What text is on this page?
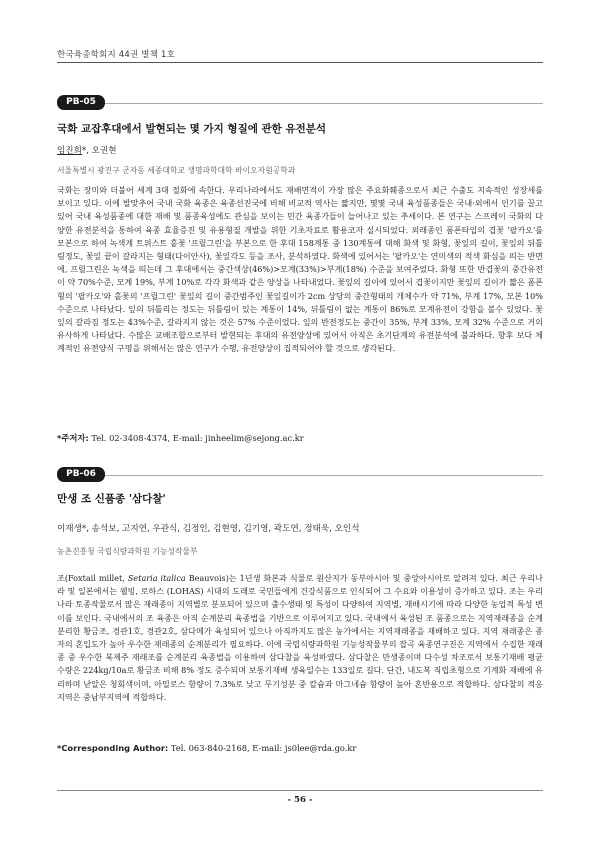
한국육종학회지 44권 별책 1호
PB-05
국화 교잡후대에서 발현되는 몇 가지 형질에 관한 유전분석
임진희*, 오권현
서울특별시 광진구 군자동 세종대학교 생명과학대학 바이오자원공학과

국화는 장미와 더불어 세계 3대 절화에 속한다. 우리나라에서도 재배면적이 가장 많은 주요화훼종으로서 최근 수출도 지속적인 성장세를 보이고 있다. 이에 발맞추어 국내 국화 육종은 육종선진국에 비해 비교적 역사는 짧지만, 몇몇 국내 육성품종들은 국내·외에서 인기를 끌고 있어 국내 육성품종에 대한 재배 및 품종육성에도 관심을 보이는 민간 육종가들이 늘어나고 있는 추세이다. 본 연구는 스프레이 국화의 다양한 유전분석을 통하여 육종 효율증진 및 유용형질 개발을 위한 기초자료로 활용코자 실시되었다. 외래종인 폼폰타입의 겹꽃 '팔카오'를 모본으로 하여 녹색계 트위스트 홑꽃 '프릴그린'을 부본으로 한 후대 158계통 중 130계통에 대해 화색 및 화형, 꽃잎의 길이, 꽃잎의 뒤틀림정도, 꽃잎 끝이 갈라지는 형태(다이안사), 꽃잎각도 등을 조사, 분석하였다. 화색에 있어서는 '팔카오'는 연미색의 적색 화심을 띄는 반면에, 프릴그린은 녹색을 띄는데 그 후대에서는 중간색상(46%)>모계(33%)>부계(18%) 수준을 보여주었다. 화형 또한 반겹꽃의 중간유전이 약 70%수준, 모계 19%, 부계 10%로 각각 화색과 같은 양상을 나타내었다. 꽃잎의 길이에 있어서 겹꽃이지만 꽃잎의 길이가 짧은 폼폰형의 '팔카오'와 홑꽃의 '프릴그린' 꽃잎의 길이 중간범주인 꽃잎길이가 2cm 상당의 중간형태의 개체수가 약 71%, 부계 17%, 모본 10% 수준으로 나타났다. 잎의 뒤틀리는 정도는 뒤틀림이 있는 계통이 14%, 뒤틀림이 없는 계통이 86%로 모계유전이 강함을 볼수 있었다. 꽃잎의 갈라짐 정도는 43%수준, 갈라지지 않는 것은 57% 수준이었다. 잎의 반전정도는 중간이 35%, 부계 33%, 모계 32% 수준으로 거의 유사하게 나타났다. 수많은 교배조합으로부터 발현되는 후대의 유전양상에 있어서 아직은 초기단계의 유전분석에 불과하다. 향후 보다 체계적인 유전양식 구명을 위해서는 많은 연구가 수행, 유전양상이 집적되어야 할 것으로 생각된다.

*주저자: Tel. 02-3408-4374, E-mail: jinheelim@sejong.ac.kr
PB-06
만생 조 신품종 '삼다찰'
이재생*, 송석보, 고지연, 우관식, 김정인, 김현영, 김기영, 곽도연, 정태욱, 오인석
농촌진흥청 국립식량과학원 기능성작물부

조(Foxtail millet, Setaria italica Beauvois)는 1년생 화본과 식물로 원산지가 동부아시아 및 중앙아시아로 알려져 있다. 최근 우리나라 및 일본에서는 웰빙, 로하스 (LOHAS) 시대의 도래로 국민들에게 건강식품으로 인식되어 그 수요와 이용성이 증가하고 있다. 조는 우리나라 토종작물로서 많은 재래종이 지역별로 분포되어 있으며 출수생태 및 특성이 다양하여 지역별, 재배시기에 따라 다양한 농업적 특성 변이를 보인다. 국내에서의 조 육종은 아직 순계분리 육종법을 기반으로 이루어지고 있다. 국내에서 육성된 조 품종으로는 지역재래종을 순계분리한 황금조, 경관1호, 경관2호, 삼다메가 육성되어 있으나 아직까지도 많은 농가에서는 지역재래종을 재배하고 있다. 지역 재래종은 종자의 혼입도가 높아 우수한 재래종의 순계분리가 필요하다. 이에 국립식량과학원 기능성작물부의 잡곡 육종연구진은 지역에서 수집한 재래종 중 우수한 북제주 재래조를 순계분리 육종법을 이용하여 삼다찰을 육성하였다. 삼다찰은 만생종이며 다수성 차조로서 보통기재배 평균 수량은 224kg/10a로 황금조 비해 8% 정도 증수되며 보통기재배 생육일수는 133일로 길다. 단간, 내도복 직립초형으로 기계화 재배에 유리하며 낟알은 청회색이며, 아밀로스 함량이 7.3%로 낮고 무기성분 중 칼슘과 마그네슘 함량이 높아 혼반용으로 적합하다. 삼다찰의 적응지역은 중남부지역에 적합하다.

*Corresponding Author: Tel. 063-840-2168, E-mail: js0lee@rda.go.kr
- 56 -
